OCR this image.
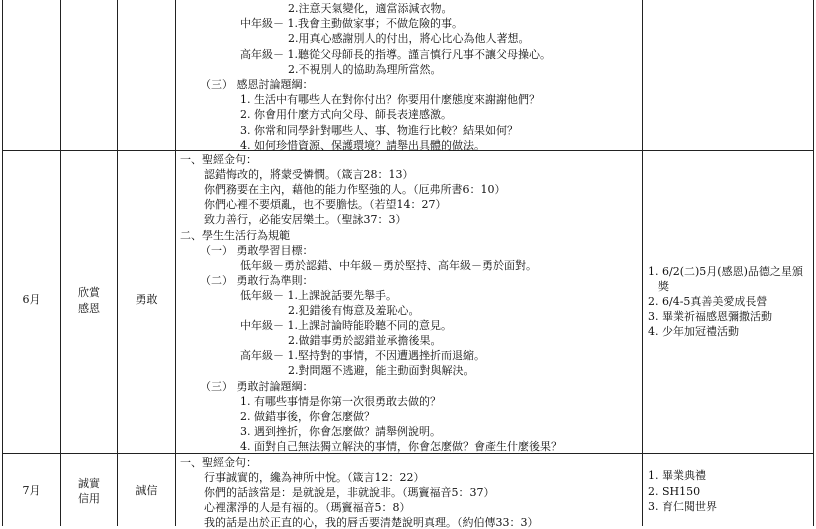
2.注意天氣變化，適當添減衣物。
中年級－ 1.我會主動做家事；不做危險的事。
2.用真心感謝別人的付出，將心比心為他人著想。
高年級－ 1.聽從父母師長的指導。謹言慎行凡事不讓父母操心。
2.不視別人的協助為理所當然。
（三） 感恩討論題綱：
1. 生活中有哪些人在對你付出？你要用什麼態度來謝謝他們？
2. 你會用什麼方式向父母、師長表達感激。
3. 你常和同學針對哪些人、事、物進行比較？結果如何？
4. 如何珍惜資源、保護環境？請舉出具體的做法。
6月
欣賞
感恩
勇敢
一、聖經金句：
認錯悔改的，將蒙受憐憫。（箴言28：13）
你們務要在主內，藉他的能力作堅強的人。（厄弗所書6：10）
你們心裡不要煩亂，也不要膽怯。（若望14：27）
致力善行，必能安居樂土。（聖詠37：3）
二、學生生活行為規範
（一） 勇敢學習目標：
低年級－勇於認錯、中年級－勇於堅持、高年級－勇於面對。
（二） 勇敢行為準則：
低年級－ 1.上課說話要先舉手。
2.犯錯後有悔意及羞恥心。
中年級－ 1.上課討論時能聆聽不同的意見。
2.做錯事勇於認錯並承擔後果。
高年級－ 1.堅持對的事情，不因遭遇挫折而退縮。
2.對問題不逃避，能主動面對與解決。
（三） 勇敢討論題綱：
1. 有哪些事情是你第一次很勇敢去做的？
2. 做錯事後，你會怎麼做？
3. 遇到挫折，你會怎麼做？請舉例說明。
4. 面對自己無法獨立解決的事情，你會怎麼做？會產生什麼後果？
1. 6/2(二)5月(感恩)品德之星頒
獎
2. 6/4-5真善美愛成長營
3. 畢業祈福感恩彌撒活動
4. 少年加冠禮活動
7月
誠實
信用
誠信
一、聖經金句：
行事誠實的，纔為神所中悅。（箴言12：22）
你們的話該當是：是就說是，非就說非。（瑪竇福音5：37）
心裡潔淨的人是有福的。（瑪竇福音5：8）
我的話是出於正直的心，我的唇舌要清楚說明真理。（約伯傳33：3）
1. 畢業典禮
2. SH150
3. 育仁閱世界
